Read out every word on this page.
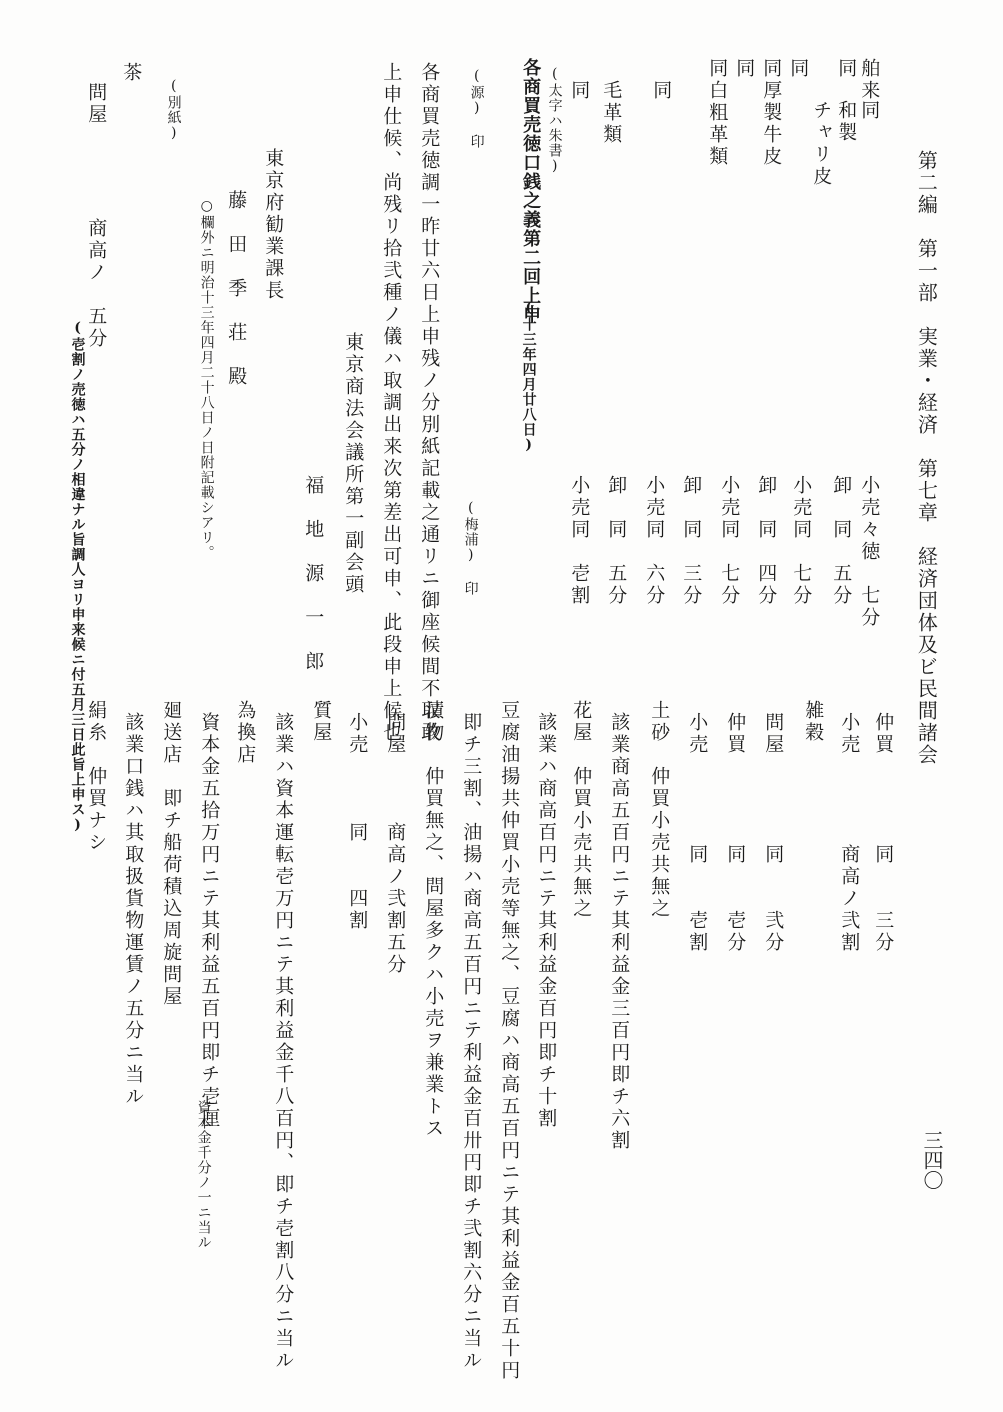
第二編　第一部　実業・経済　第七章　経済団体及ビ民間諸会
三四〇
舶来
同
和製
同
チャリ皮
同
厚製牛皮
同
同
白粗革類
同
同
毛革類
同
小売々徳　七分
卸　同　五分
小売同　七分
卸　同　四分
小売同　七分
卸　同　三分
小売同　六分
卸　同　五分
小売同　壱割
(太字ハ朱書)
各商買売徳口銭之義第二回上申
(十三年四月廿八日)
(源) 印
各商買売徳調一昨廿六日上申残ノ分別紙記載之通リニ御座候間不取敢
上申仕候、尚残リ拾弐種ノ儀ハ取調出来次第差出可申、此段申上候也	(梅浦) 印
東京商法会議所第一副会頭
福　地　源　一　郎
東京府勧業課長
藤　田　季　荘　殿
○欄外ニ明治十三年四月二十八日ノ日附記載シアリ。
(別紙)
茶
問屋
商高ノ　五分
(壱割ノ売徳ハ五分ノ相違ナル旨調人ヨリ申来候ニ付五月三日此旨上申ス)	仲買　　　　同　　三分
小売　　　　商高ノ弐割
雑穀
問屋　　　　同　　弐分
仲買　　　　同　　壱分
小売　　　　同　　壱割
土砂　仲買小売共無之
該業商高五百円ニテ其利益金三百円即チ六割
花屋　仲買小売共無之
該業ハ商高百円ニテ其利益金百円即チ十割
豆腐油揚共仲買小売等無之、豆腐ハ商高五百円ニテ其利益金百五十円
即チ三割、油揚ハ商高五百円ニテ利益金百卅円即チ弐割六分ニ当ル
漬物　仲買無之、問屋多クハ小売ヲ兼業トス
問屋　　　商高ノ弐割五分
小売　　　同　　四割
質屋
該業ハ資本運転壱万円ニテ其利益金千八百円、即チ壱割八分ニ当ル
為換店
資本金五拾万円ニテ其利益五百円即チ壱厘
資本金千分ノ一ニ当ル
廻送店　即チ船荷積込周旋問屋
該業口銭ハ其取扱貨物運賃ノ五分ニ当ル
絹糸　仲買ナシ
